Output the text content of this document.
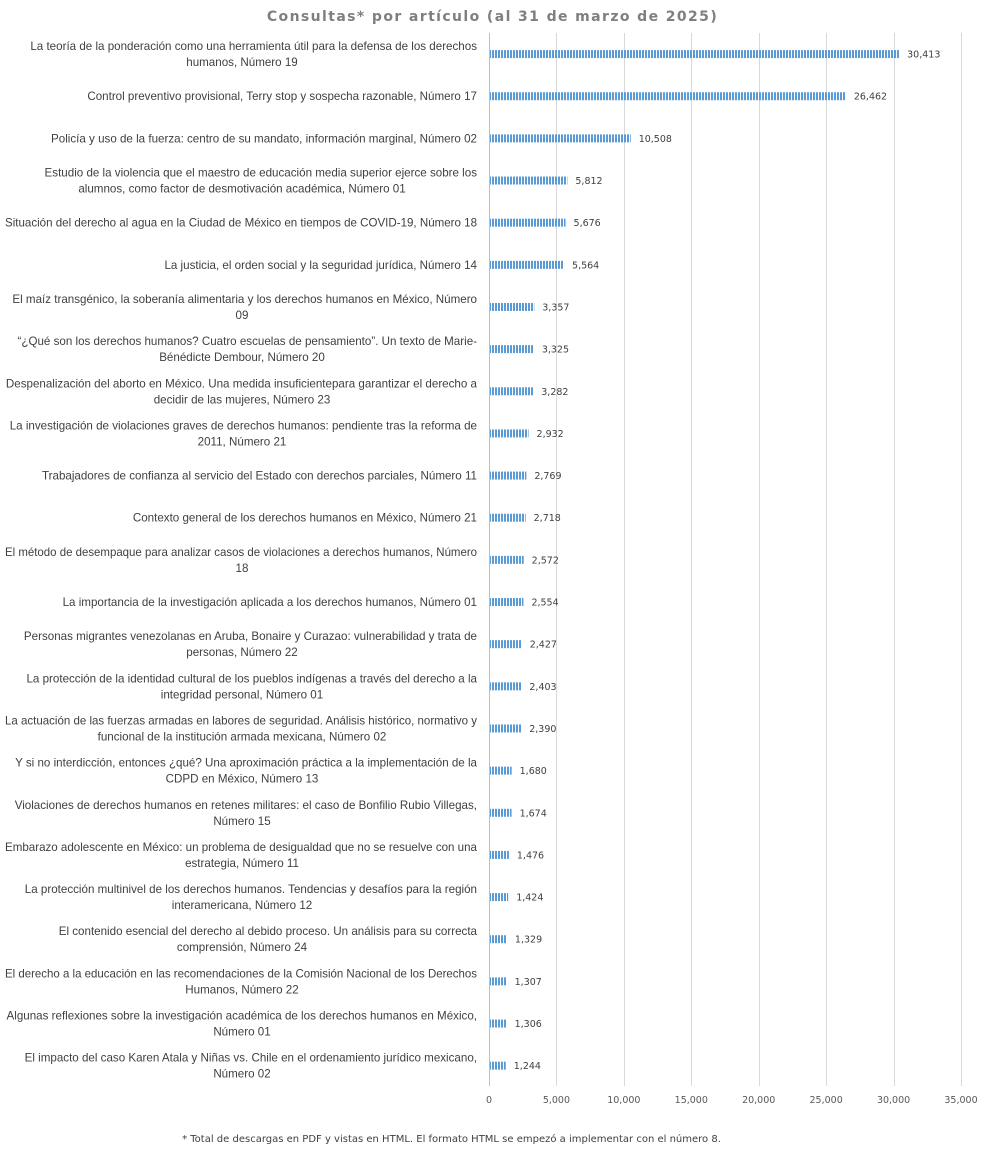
Consultas* por artículo (al 31 de marzo de 2025)
La teoría de la ponderación como una herramienta útil para la defensa de los derechos
humanos, Número 19
Control preventivo provisional, Terry stop y sospecha razonable, Número 17
Policía y uso de la fuerza: centro de su mandato, información marginal, Número 02
Estudio de la violencia que el maestro de educación media superior ejerce sobre los
alumnos, como factor de desmotivación académica, Número 01
Situación del derecho al agua en la Ciudad de México en tiempos de COVID-19, Número 18
La justicia, el orden social y la seguridad jurídica, Número 14
El maíz transgénico, la soberanía alimentaria y los derechos humanos en México, Número
09
“¿Qué son los derechos humanos? Cuatro escuelas de pensamiento”. Un texto de Marie-
Bénédicte Dembour, Número 20
Despenalización del aborto en México. Una medida insuficientepara garantizar el derecho a
decidir de las mujeres, Número 23
La investigación de violaciones graves de derechos humanos: pendiente tras la reforma de
2011, Número 21
Trabajadores de confianza al servicio del Estado con derechos parciales, Número 11
Contexto general de los derechos humanos en México, Número 21
El método de desempaque para analizar casos de violaciones a derechos humanos, Número
18
La importancia de la investigación aplicada a los derechos humanos, Número 01
Personas migrantes venezolanas en Aruba, Bonaire y Curazao: vulnerabilidad y trata de
personas, Número 22
La protección de la identidad cultural de los pueblos indígenas a través del derecho a la
integridad personal, Número 01
La actuación de las fuerzas armadas en labores de seguridad. Análisis histórico, normativo y
funcional de la institución armada mexicana, Número 02
Y si no interdicción, entonces ¿qué? Una aproximación práctica a la implementación de la
CDPD en México, Número 13
Violaciones de derechos humanos en retenes militares: el caso de Bonfilio Rubio Villegas,
Número 15
Embarazo adolescente en México: un problema de desigualdad que no se resuelve con una
estrategia, Número 11
La protección multinivel de los derechos humanos. Tendencias y desafíos para la región
interamericana, Número 12
El contenido esencial del derecho al debido proceso. Un análisis para su correcta
comprensión, Número 24
El derecho a la educación en las recomendaciones de la Comisión Nacional de los Derechos
Humanos, Número 22
Algunas reflexiones sobre la investigación académica de los derechos humanos en México,
Número 01
El impacto del caso Karen Atala y Niñas vs. Chile en el ordenamiento jurídico mexicano,
Número 02
30,413
26,462
10,508
5,812
5,676
5,564
3,357
3,325
3,282
2,932
2,769
2,718
2,572
2,554
2,427
2,403
2,390
1,680
1,674
1,476
1,424
1,329
1,307
1,306
1,244
0	5,000	10,000	15,000	20,000	25,000	30,000	35,000
* Total de descargas en PDF y vistas en HTML. El formato HTML se empezó a implementar con el número 8.
